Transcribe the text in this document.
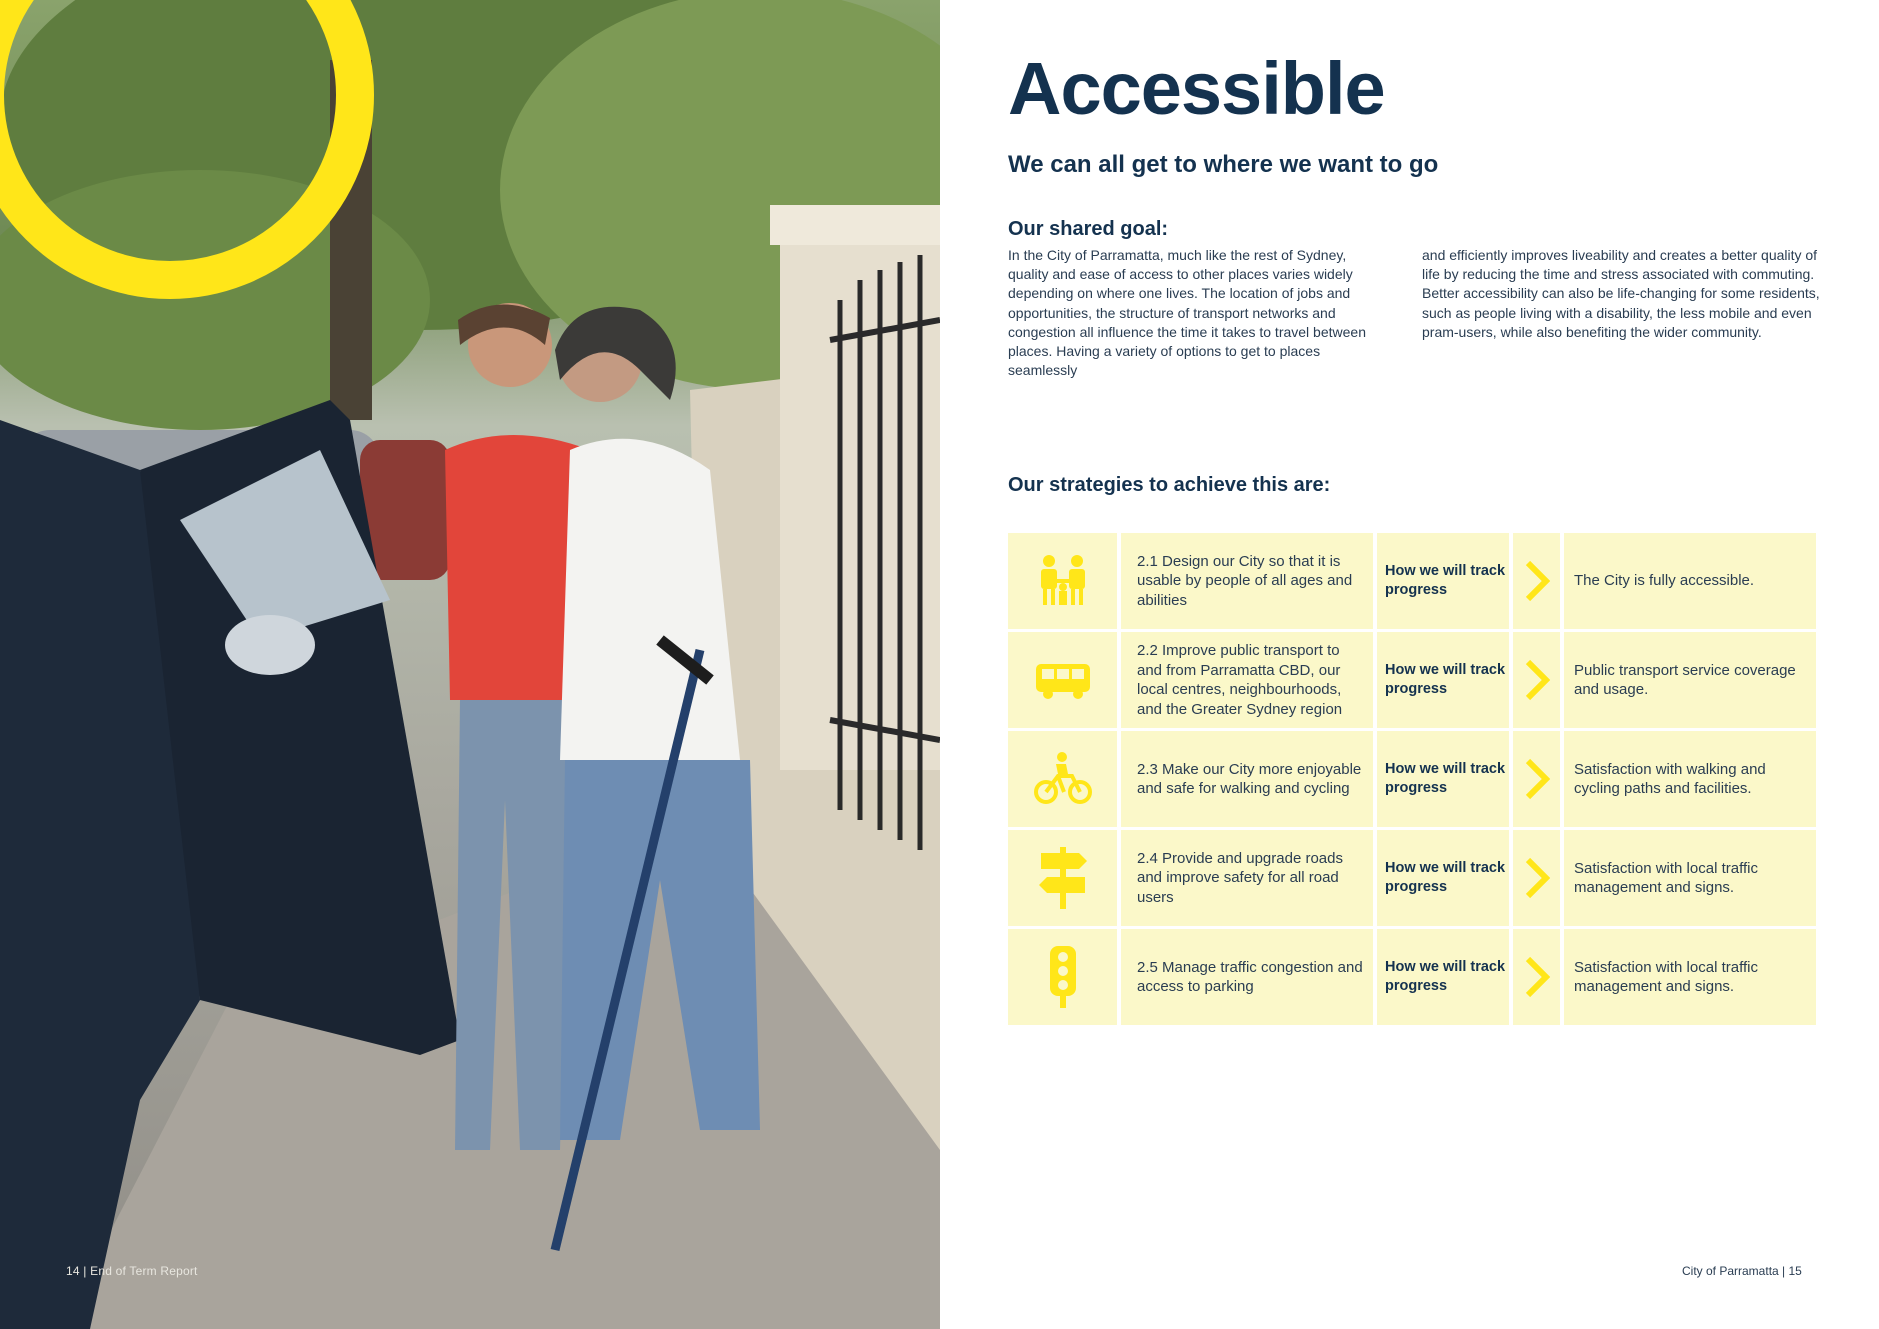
14 | End of Term Report
Accessible
We can all get to where we want to go
Our shared goal:

In the City of Parramatta, much like the rest of Sydney, quality and ease of access to other places varies widely depending on where one lives. The location of jobs and opportunities, the structure of transport networks and congestion all influence the time it takes to travel between places. Having a variety of options to get to places seamlessly

and efficiently improves liveability and creates a better quality of life by reducing the time and stress associated with commuting. Better accessibility can also be life-changing for some residents, such as people living with a disability, the less mobile and even pram-users, while also benefiting the wider community.

Our strategies to achieve this are:
2.1 Design our City so that it is usable by people of all ages and abilities
How we will track progress
The City is fully accessible.
2.2 Improve public transport to and from Parramatta CBD, our local centres, neighbourhoods, and the Greater Sydney region
How we will track progress
Public transport service coverage and usage.
2.3 Make our City more enjoyable and safe for walking and cycling
How we will track progress
Satisfaction with walking and cycling paths and facilities.
2.4 Provide and upgrade roads and improve safety for all road users
How we will track progress
Satisfaction with local traffic management and signs.
2.5 Manage traffic congestion and access to parking
How we will track progress
Satisfaction with local traffic management and signs.
City of Parramatta | 15
